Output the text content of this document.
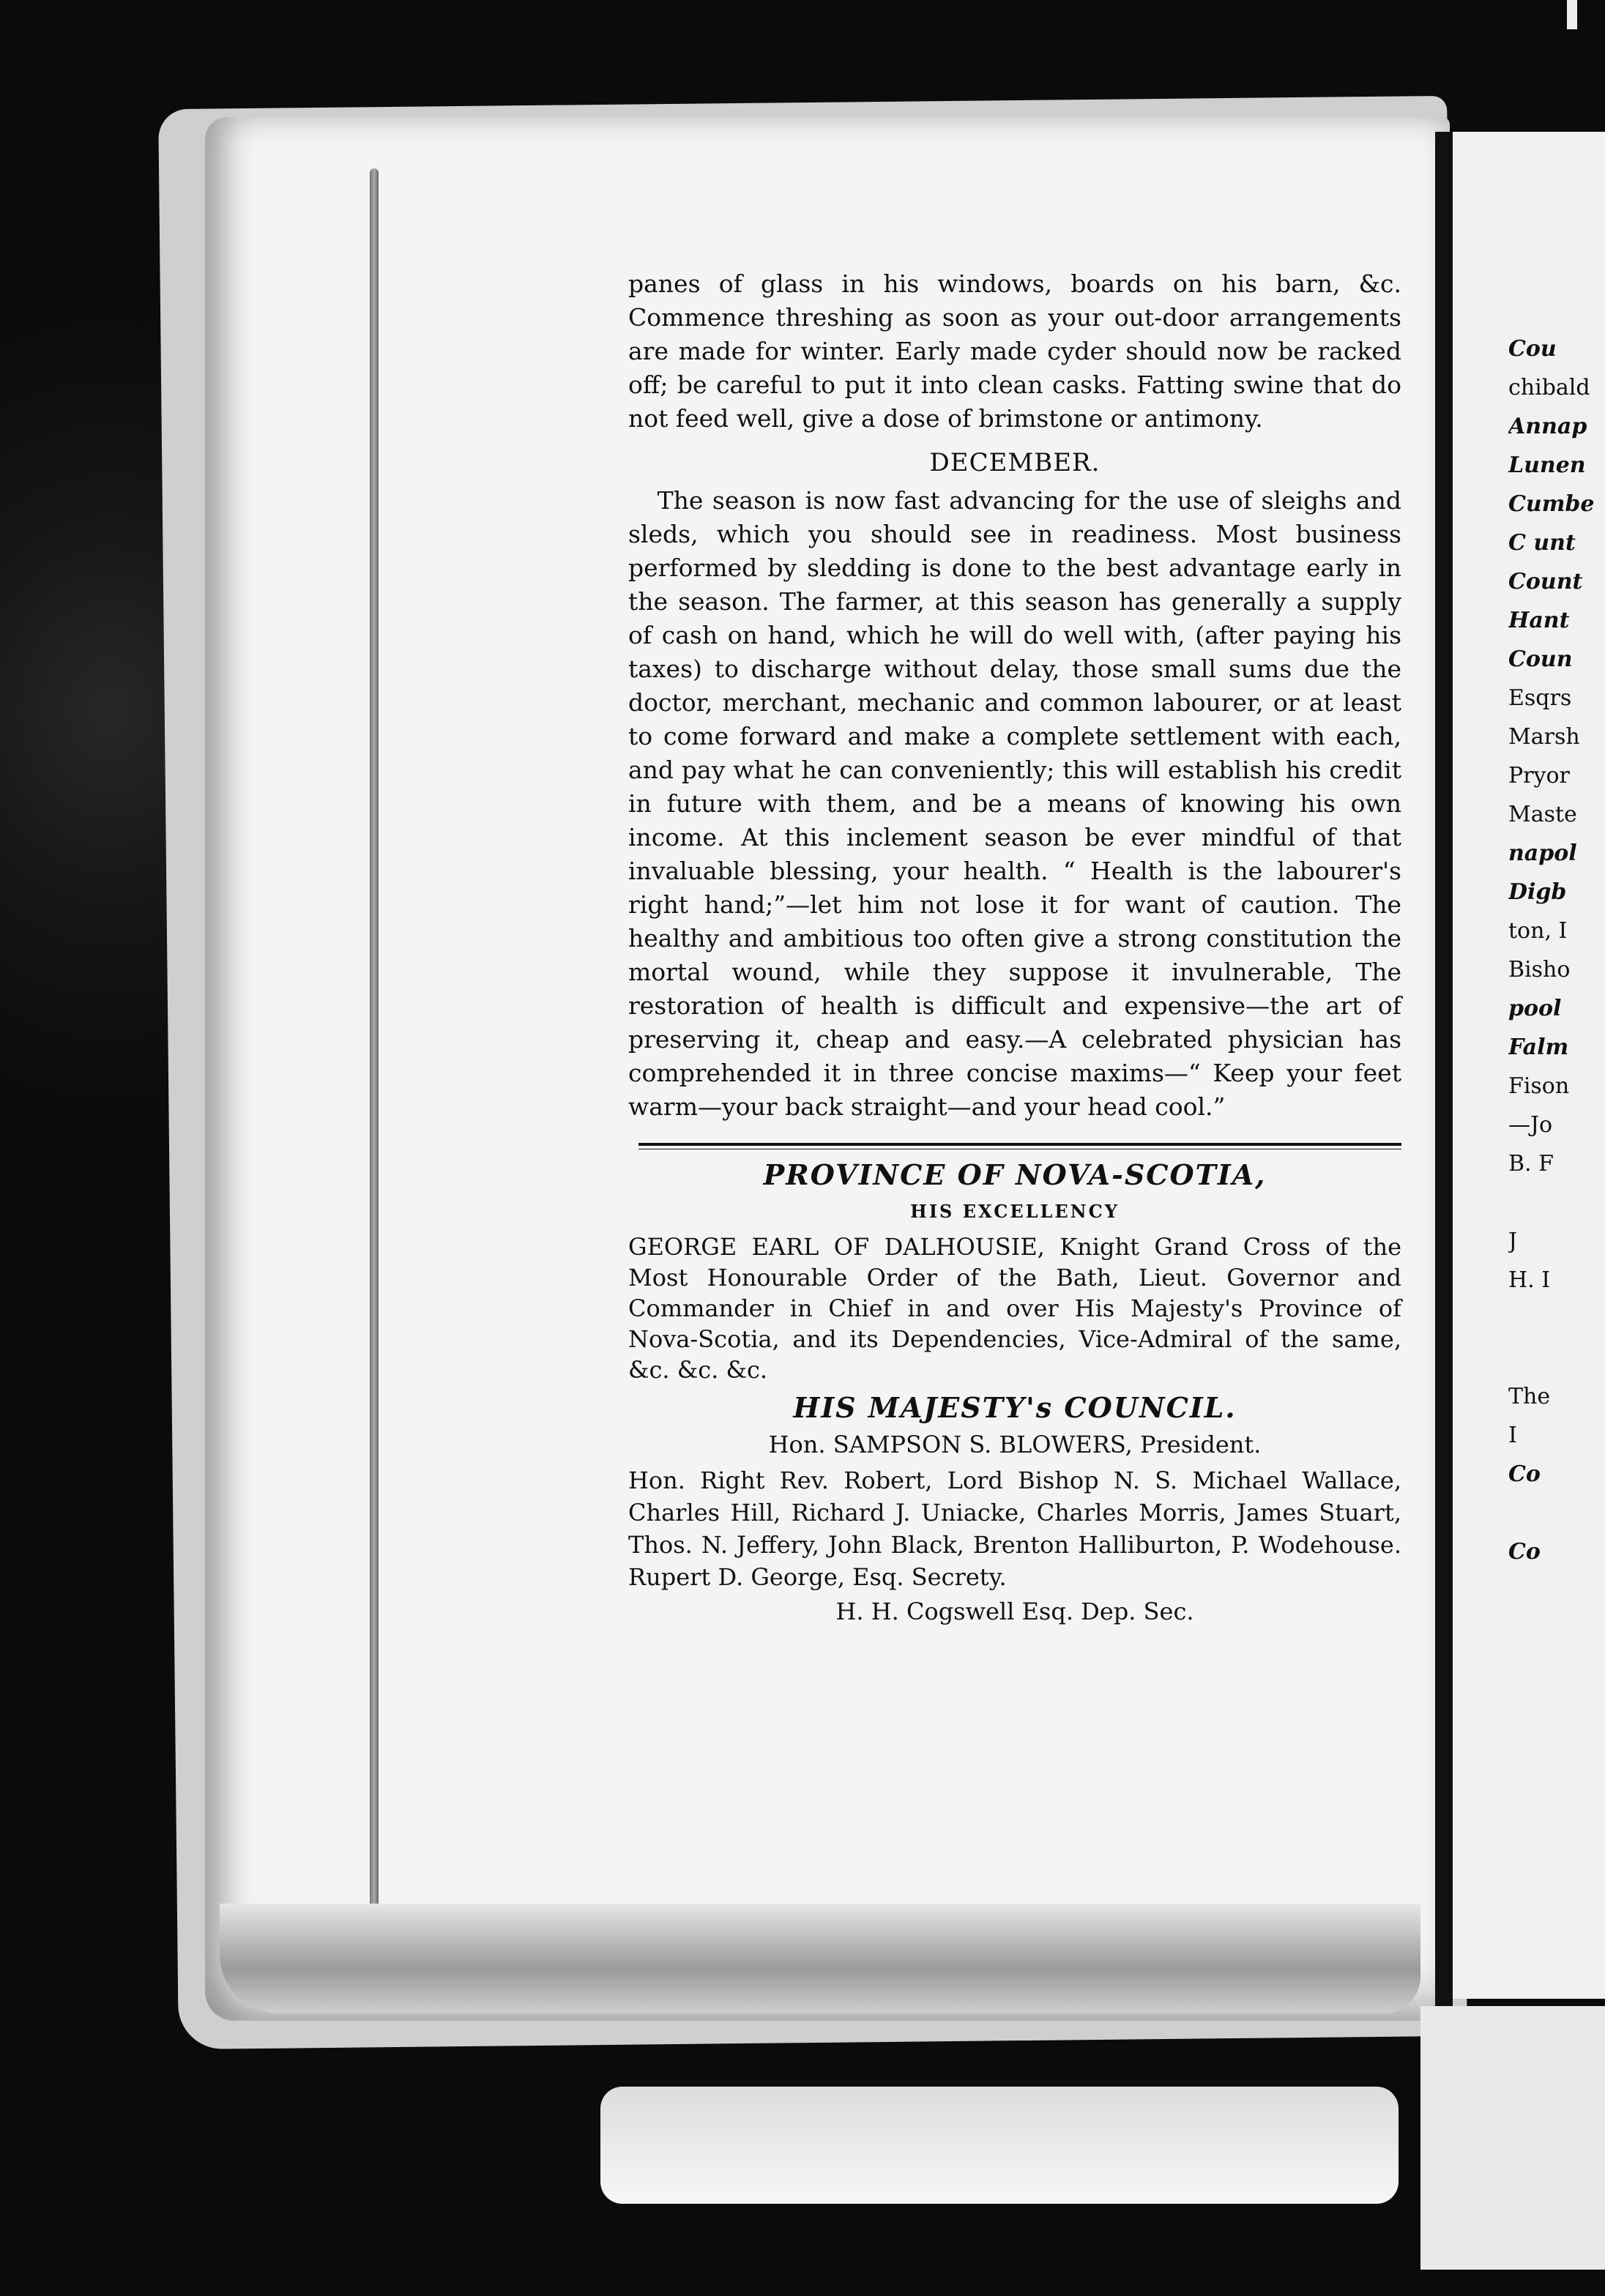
panes of glass in his windows, boards on his barn, &c. Commence threshing as soon as your out-door arrangements are made for winter. Early made cyder should now be racked off; be careful to put it into clean casks. Fatting swine that do not feed well, give a dose of brimstone or antimony.

DECEMBER.

The season is now fast advancing for the use of sleighs and sleds, which you should see in readiness. Most business performed by sledding is done to the best advantage early in the season. The farmer, at this season has generally a supply of cash on hand, which he will do well with, (after paying his taxes) to discharge without delay, those small sums due the doctor, merchant, mechanic and common labourer, or at least to come forward and make a complete settlement with each, and pay what he can conveniently; this will establish his credit in future with them, and be a means of knowing his own income. At this inclement season be ever mindful of that invaluable blessing, your health. “ Health is the labourer's right hand;”—let him not lose it for want of caution. The healthy and ambitious too often give a strong constitution the mortal wound, while they suppose it invulnerable, The restoration of health is difficult and expensive—the art of preserving it, cheap and easy.—A celebrated physician has comprehended it in three concise maxims—“ Keep your feet warm—your back straight—and your head cool.”

PROVINCE OF NOVA-SCOTIA,
HIS EXCELLENCY

GEORGE EARL OF DALHOUSIE, Knight Grand Cross of the Most Honourable Order of the Bath, Lieut. Governor and Commander in Chief in and over His Majesty's Province of Nova-Scotia, and its Dependencies, Vice-Admiral of the same, &c. &c. &c.

HIS MAJESTY's COUNCIL.
Hon. SAMPSON S. BLOWERS, President.

Hon. Right Rev. Robert, Lord Bishop N. S. Michael Wallace, Charles Hill, Richard J. Uniacke, Charles Morris, James Stuart, Thos. N. Jeffery, John Black, Brenton Halliburton, P. Wodehouse. Rupert D. George, Esq. Secrety.

H. H. Cogswell Esq. Dep. Sec.
Cou
chibald
Annap
Lunen
Cumbe
C unt
Count
Hant
Coun
Esqrs
Marsh
Pryor
Maste
napol
Digb
ton, I
Bisho
pool
Falm
Fison
—Jo
B. F

J
H. I

The
I
Co

Co
